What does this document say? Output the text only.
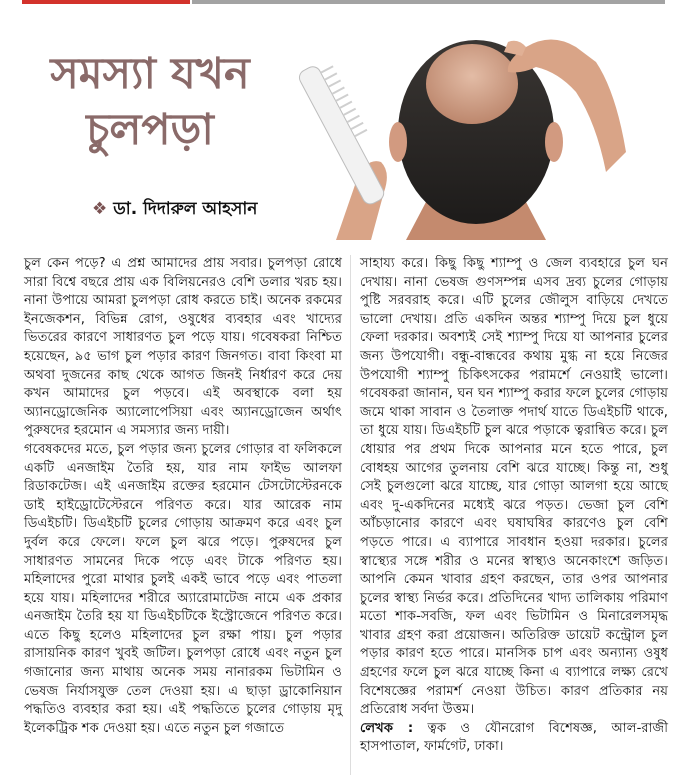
সমস্যা যখন
চুলপড়া
❖ ডা. দিদারুল আহসান

চুল কেন পড়ে? এ প্রশ্ন আমাদের প্রায় সবার। চুলপড়া রোধে সারা বিশ্বে বছরে প্রায় এক বিলিয়নেরও বেশি ডলার খরচ হয়। নানা উপায়ে আমরা চুলপড়া রোধ করতে চাই। অনেক রকমের ইনজেকশন, বিভিন্ন রোগ, ওষুধের ব্যবহার এবং খাদ্যের ভিতরের কারণে সাধারণত চুল পড়ে যায়। গবেষকরা নিশ্চিত হয়েছেন, ৯৫ ভাগ চুল পড়ার কারণ জিনগত। বাবা কিংবা মা অথবা দুজনের কাছ থেকে আগত জিনই নির্ধারণ করে দেয় কখন আমাদের চুল পড়বে। এই অবস্থাকে বলা হয় অ্যানড্রোজেনিক অ্যালোপেসিয়া এবং অ্যানড্রোজেন অর্থাৎ পুরুষদের হরমোন এ সমস্যার জন্য দায়ী।

গবেষকদের মতে, চুল পড়ার জন্য চুলের গোড়ার বা ফলিকলে একটি এনজাইম তৈরি হয়, যার নাম ফাইভ আলফা রিডাকটেজ। এই এনজাইম রক্তের হরমোন টেসটোস্টেরনকে ডাই হাইড্রোটেস্টেরনে পরিণত করে। যার আরেক নাম ডিএইচটি। ডিএইচটি চুলের গোড়ায় আক্রমণ করে এবং চুল দুর্বল করে ফেলে। ফলে চুল ঝরে পড়ে। পুরুষদের চুল সাধারণত সামনের দিকে পড়ে এবং টাকে পরিণত হয়। মহিলাদের পুরো মাথার চুলই একই ভাবে পড়ে এবং পাতলা হয়ে যায়। মহিলাদের শরীরে অ্যারোমাটেজ নামে এক প্রকার এনজাইম তৈরি হয় যা ডিএইচটিকে ইস্ট্রোজেনে পরিণত করে। এতে কিছু হলেও মহিলাদের চুল রক্ষা পায়। চুল পড়ার রাসায়নিক কারণ খুবই জটিল। চুলপড়া রোধে এবং নতুন চুল গজানোর জন্য মাথায় অনেক সময় নানারকম ভিটামিন ও ভেষজ নির্যাসযুক্ত তেল দেওয়া হয়। এ ছাড়া ড্রাকোনিয়ান পদ্ধতিও ব্যবহার করা হয়। এই পদ্ধতিতে চুলের গোড়ায় মৃদু ইলেকট্রিক শক দেওয়া হয়। এতে নতুন চুল গজাতে

সাহায্য করে। কিছু কিছু শ্যাম্পু ও জেল ব্যবহারে চুল ঘন দেখায়। নানা ভেষজ গুণসম্পন্ন এসব দ্রব্য চুলের গোড়ায় পুষ্টি সরবরাহ করে। এটি চুলের জৌলুস বাড়িয়ে দেখতে ভালো দেখায়। প্রতি একদিন অন্তর শ্যাম্পু দিয়ে চুল ধুয়ে ফেলা দরকার। অবশ্যই সেই শ্যাম্পু দিয়ে যা আপনার চুলের জন্য উপযোগী। বন্ধু-বান্ধবের কথায় মুগ্ধ না হয়ে নিজের উপযোগী শ্যাম্পু চিকিৎসকের পরামর্শে নেওয়াই ভালো। গবেষকরা জানান, ঘন ঘন শ্যাম্পু করার ফলে চুলের গোড়ায় জমে থাকা সাবান ও তৈলাক্ত পদার্থ যাতে ডিএইচটি থাকে, তা ধুয়ে যায়। ডিএইচটি চুল ঝরে পড়াকে ত্বরান্বিত করে। চুল ধোয়ার পর প্রথম দিকে আপনার মনে হতে পারে, চুল বোধহয় আগের তুলনায় বেশি ঝরে যাচ্ছে। কিন্তু না, শুধু সেই চুলগুলো ঝরে যাচ্ছে, যার গোড়া আলগা হয়ে আছে এবং দু-একদিনের মধ্যেই ঝরে পড়ত। ভেজা চুল বেশি আঁচড়ানোর কারণে এবং ঘষাঘষির কারণেও চুল বেশি পড়তে পারে। এ ব্যাপারে সাবধান হওয়া দরকার। চুলের স্বাস্থ্যের সঙ্গে শরীর ও মনের স্বাস্থ্যও অনেকাংশে জড়িত। আপনি কেমন খাবার গ্রহণ করছেন, তার ওপর আপনার চুলের স্বাস্থ্য নির্ভর করে। প্রতিদিনের খাদ্য তালিকায় পরিমাণ মতো শাক-সবজি, ফল এবং ভিটামিন ও মিনারেলসমৃদ্ধ খাবার গ্রহণ করা প্রয়োজন। অতিরিক্ত ডায়েট কন্ট্রোল চুল পড়ার কারণ হতে পারে। মানসিক চাপ এবং অন্যান্য ওষুধ গ্রহণের ফলে চুল ঝরে যাচ্ছে কিনা এ ব্যাপারে লক্ষ্য রেখে বিশেষজ্ঞের পরামর্শ নেওয়া উচিত। কারণ প্রতিকার নয় প্রতিরোধ সর্বদা উত্তম।

লেখক : ত্বক ও যৌনরোগ বিশেষজ্ঞ, আল-রাজী হাসপাতাল, ফার্মগেট, ঢাকা।
